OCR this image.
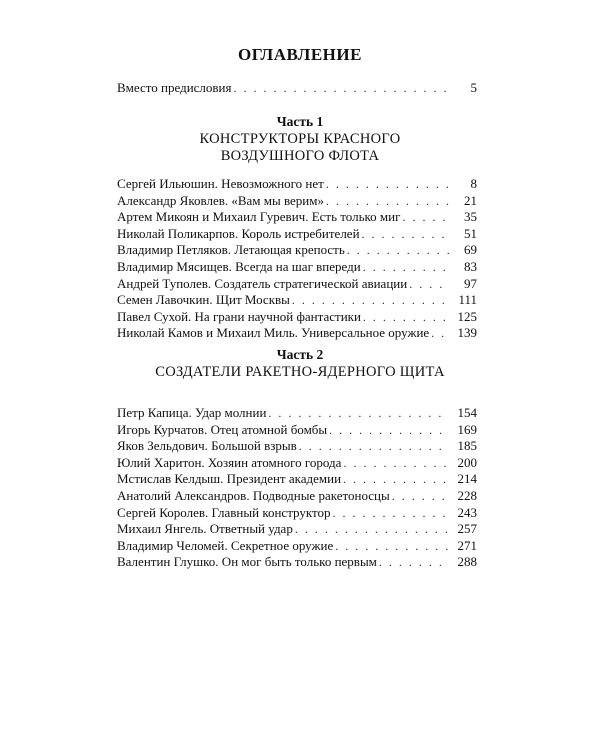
ОГЛАВЛЕНИЕ
Вместо предисловия . . .	5
Часть 1
КОНСТРУКТОРЫ КРАСНОГО ВОЗДУШНОГО ФЛОТА
Сергей Ильюшин. Невозможного нет . . .	8
Александр Яковлев. «Вам мы верим» . . .	21
Артем Микоян и Михаил Гуревич. Есть только миг . . .	35
Николай Поликарпов. Король истребителей . . .	51
Владимир Петляков. Летающая крепость . . .	69
Владимир Мясищев. Всегда на шаг впереди . . .	83
Андрей Туполев. Создатель стратегической авиации . . .	97
Семен Лавочкин. Щит Москвы . . .	111
Павел Сухой. На грани научной фантастики . . .	125
Николай Камов и Михаил Миль. Универсальное оружие . . .	139
Часть 2
СОЗДАТЕЛИ РАКЕТНО-ЯДЕРНОГО ЩИТА
Петр Капица. Удар молнии . . .	154
Игорь Курчатов. Отец атомной бомбы . . .	169
Яков Зельдович. Большой взрыв . . .	185
Юлий Харитон. Хозяин атомного города . . .	200
Мстислав Келдыш. Президент академии . . .	214
Анатолий Александров. Подводные ракетоносцы . . .	228
Сергей Королев. Главный конструктор . . .	243
Михаил Янгель. Ответный удар . . .	257
Владимир Челомей. Секретное оружие . . .	271
Валентин Глушко. Он мог быть только первым . . .	288
